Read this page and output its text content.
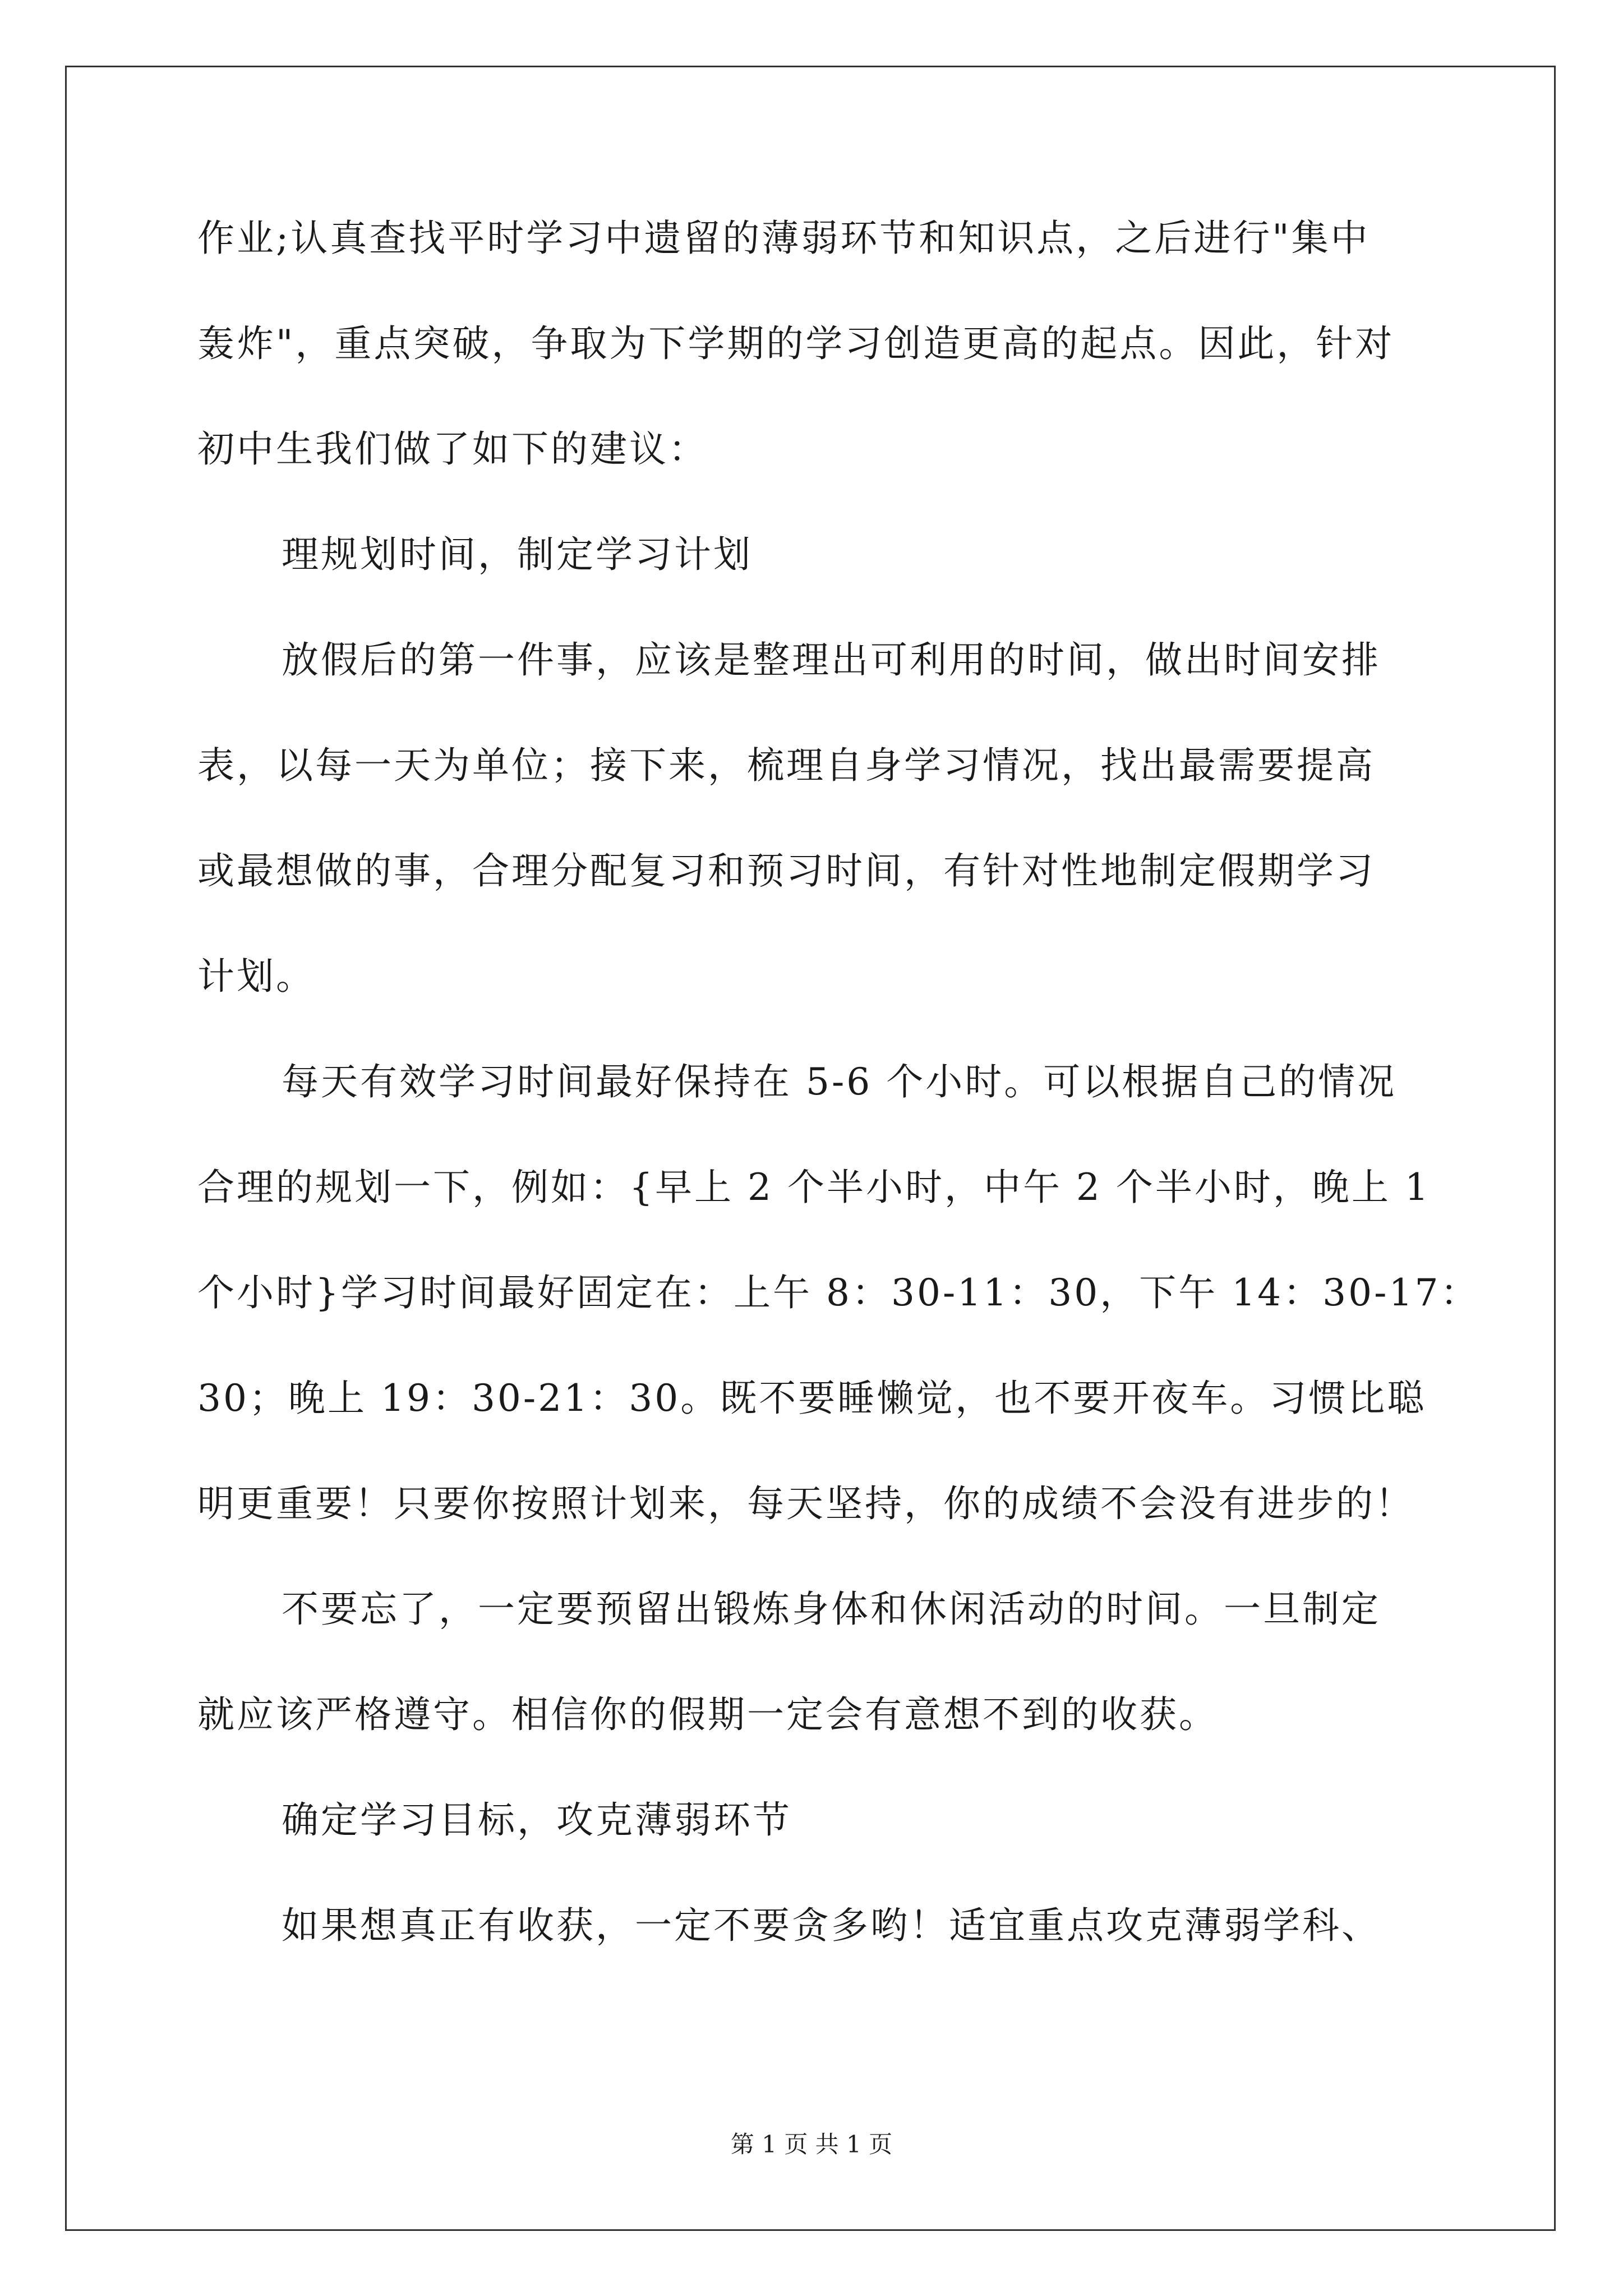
作业;认真查找平时学习中遗留的薄弱环节和知识点，之后进行"集中
轰炸"，重点突破，争取为下学期的学习创造更高的起点。因此，针对
初中生我们做了如下的建议：
理规划时间，制定学习计划
放假后的第一件事，应该是整理出可利用的时间，做出时间安排
表，以每一天为单位；接下来，梳理自身学习情况，找出最需要提高
或最想做的事，合理分配复习和预习时间，有针对性地制定假期学习
计划。
每天有效学习时间最好保持在 5-6 个小时。可以根据自己的情况
合理的规划一下，例如：{早上 2 个半小时，中午 2 个半小时，晚上 1
个小时}学习时间最好固定在：上午 8：30-11：30，下午 14：30-17：
30；晚上 19：30-21：30。既不要睡懒觉，也不要开夜车。习惯比聪
明更重要！只要你按照计划来，每天坚持，你的成绩不会没有进步的！
不要忘了，一定要预留出锻炼身体和休闲活动的时间。一旦制定
就应该严格遵守。相信你的假期一定会有意想不到的收获。
确定学习目标，攻克薄弱环节
如果想真正有收获，一定不要贪多哟！适宜重点攻克薄弱学科、
第 1 页 共 1 页
